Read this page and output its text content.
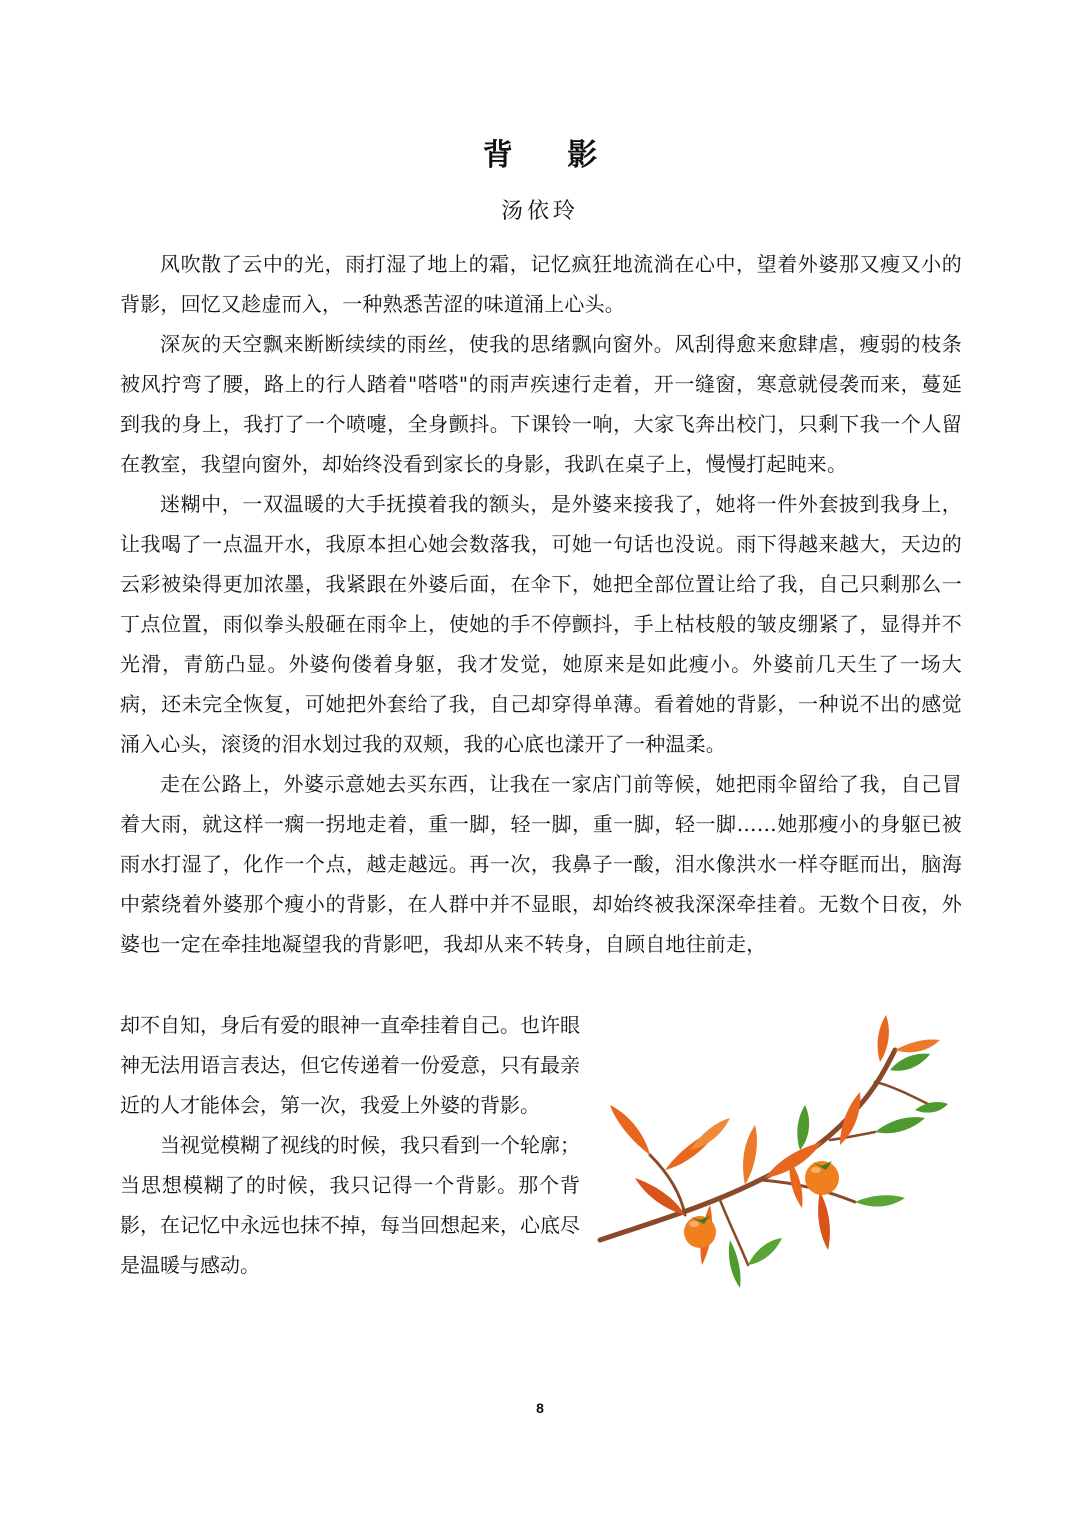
背 影
汤依玲

风吹散了云中的光，雨打湿了地上的霜，记忆疯狂地流淌在心中，望着外婆那又瘦又小的背影，回忆又趁虚而入，一种熟悉苦涩的味道涌上心头。

深灰的天空飘来断断续续的雨丝，使我的思绪飘向窗外。风刮得愈来愈肆虐，瘦弱的枝条被风拧弯了腰，路上的行人踏着"嗒嗒"的雨声疾速行走着，开一缝窗，寒意就侵袭而来，蔓延到我的身上，我打了一个喷嚏，全身颤抖。下课铃一响，大家飞奔出校门，只剩下我一个人留在教室，我望向窗外，却始终没看到家长的身影，我趴在桌子上，慢慢打起盹来。

迷糊中，一双温暖的大手抚摸着我的额头，是外婆来接我了，她将一件外套披到我身上，让我喝了一点温开水，我原本担心她会数落我，可她一句话也没说。雨下得越来越大，天边的云彩被染得更加浓墨，我紧跟在外婆后面，在伞下，她把全部位置让给了我，自己只剩那么一丁点位置，雨似拳头般砸在雨伞上，使她的手不停颤抖，手上枯枝般的皱皮绷紧了，显得并不光滑，青筋凸显。外婆佝偻着身躯，我才发觉，她原来是如此瘦小。外婆前几天生了一场大病，还未完全恢复，可她把外套给了我，自己却穿得单薄。看着她的背影，一种说不出的感觉涌入心头，滚烫的泪水划过我的双颊，我的心底也漾开了一种温柔。

走在公路上，外婆示意她去买东西，让我在一家店门前等候，她把雨伞留给了我，自己冒着大雨，就这样一瘸一拐地走着，重一脚，轻一脚，重一脚，轻一脚……她那瘦小的身躯已被雨水打湿了，化作一个点，越走越远。再一次，我鼻子一酸，泪水像洪水一样夺眶而出，脑海中萦绕着外婆那个瘦小的背影，在人群中并不显眼，却始终被我深深牵挂着。无数个日夜，外婆也一定在牵挂地凝望我的背影吧，我却从来不转身，自顾自地往前走，

却不自知，身后有爱的眼神一直牵挂着自己。也许眼神无法用语言表达，但它传递着一份爱意，只有最亲近的人才能体会，第一次，我爱上外婆的背影。

当视觉模糊了视线的时候，我只看到一个轮廓；当思想模糊了的时候，我只记得一个背影。那个背影，在记忆中永远也抹不掉，每当回想起来，心底尽是温暖与感动。

8
